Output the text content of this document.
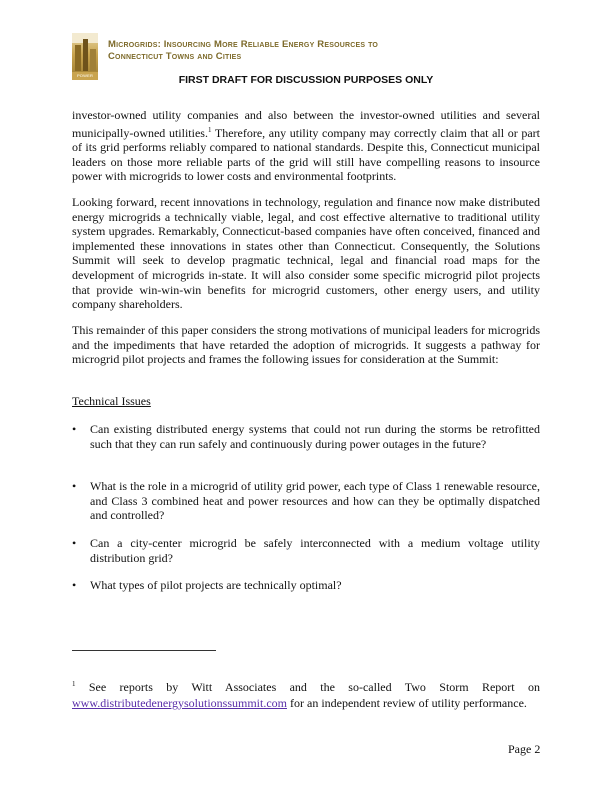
POWER ENERGY
Microgrids: Insourcing More Reliable Energy Resources to
Connecticut Towns and Cities
FIRST DRAFT FOR DISCUSSION PURPOSES ONLY
investor-owned utility companies and also between the investor-owned utilities and several municipally-owned utilities.$^1$ Therefore, any utility company may correctly claim that all or part of its grid performs reliably compared to national standards. Despite this, Connecticut municipal leaders on those more reliable parts of the grid will still have compelling reasons to insource power with microgrids to lower costs and environmental footprints.
Looking forward, recent innovations in technology, regulation and finance now make distributed energy microgrids a technically viable, legal, and cost effective alternative to traditional utility system upgrades. Remarkably, Connecticut-based companies have often conceived, financed and implemented these innovations in states other than Connecticut. Consequently, the Solutions Summit will seek to develop pragmatic technical, legal and financial road maps for the development of microgrids in-state. It will also consider some specific microgrid pilot projects that provide win-win-win benefits for microgrid customers, other energy users, and utility company shareholders.
This remainder of this paper considers the strong motivations of municipal leaders for microgrids and the impediments that have retarded the adoption of microgrids. It suggests a pathway for microgrid pilot projects and frames the following issues for consideration at the Summit:
Technical Issues
•	Can existing distributed energy systems that could not run during the storms be retrofitted such that they can run safely and continuously during power outages in the future?
•	What is the role in a microgrid of utility grid power, each type of Class 1 renewable resource, and Class 3 combined heat and power resources and how can they be optimally dispatched and controlled?
•	Can a city-center microgrid be safely interconnected with a medium voltage utility distribution grid?
•	What types of pilot projects are technically optimal?
$^1$ See reports by Witt Associates and the so-called Two Storm Report on www.distributedenergysolutionssummit.com for an independent review of utility performance.
Page 2
